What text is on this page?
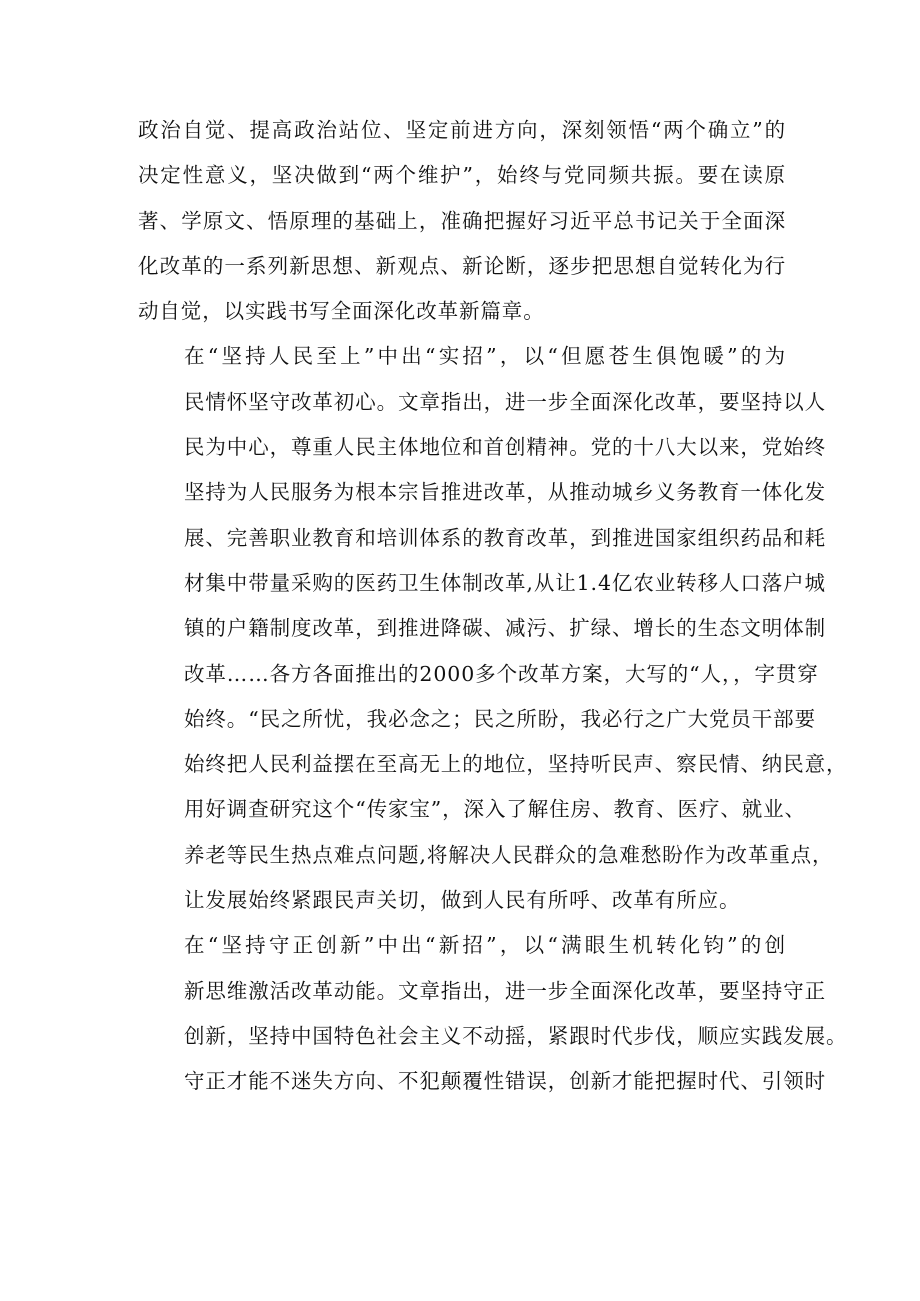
政治自觉、提高政治站位、坚定前进方向，深刻领悟“两个确立”的
决定性意义，坚决做到“两个维护”，始终与党同频共振。要在读原
著、学原文、悟原理的基础上，准确把握好习近平总书记关于全面深
化改革的一系列新思想、新观点、新论断，逐步把思想自觉转化为行
动自觉，以实践书写全面深化改革新篇章。
在“坚持人民至上”中出“实招”，以“但愿苍生俱饱暖”的为
民情怀坚守改革初心。文章指出，进一步全面深化改革，要坚持以人
民为中心，尊重人民主体地位和首创精神。党的十八大以来，党始终
坚持为人民服务为根本宗旨推进改革，从推动城乡义务教育一体化发
展、完善职业教育和培训体系的教育改革，到推进国家组织药品和耗
材集中带量采购的医药卫生体制改革,从让1.4亿农业转移人口落户城
镇的户籍制度改革，到推进降碳、减污、扩绿、增长的生态文明体制
改革……各方各面推出的2000多个改革方案，大写的“人，，字贯穿
始终。“民之所忧，我必念之；民之所盼，我必行之广大党员干部要
始终把人民利益摆在至高无上的地位，坚持听民声、察民情、纳民意，
用好调查研究这个“传家宝”，深入了解住房、教育、医疗、就业、
养老等民生热点难点问题,将解决人民群众的急难愁盼作为改革重点，
让发展始终紧跟民声关切，做到人民有所呼、改革有所应。
在“坚持守正创新”中出“新招”，以“满眼生机转化钧”的创
新思维激活改革动能。文章指出，进一步全面深化改革，要坚持守正
创新，坚持中国特色社会主义不动摇，紧跟时代步伐，顺应实践发展。
守正才能不迷失方向、不犯颠覆性错误，创新才能把握时代、引领时
